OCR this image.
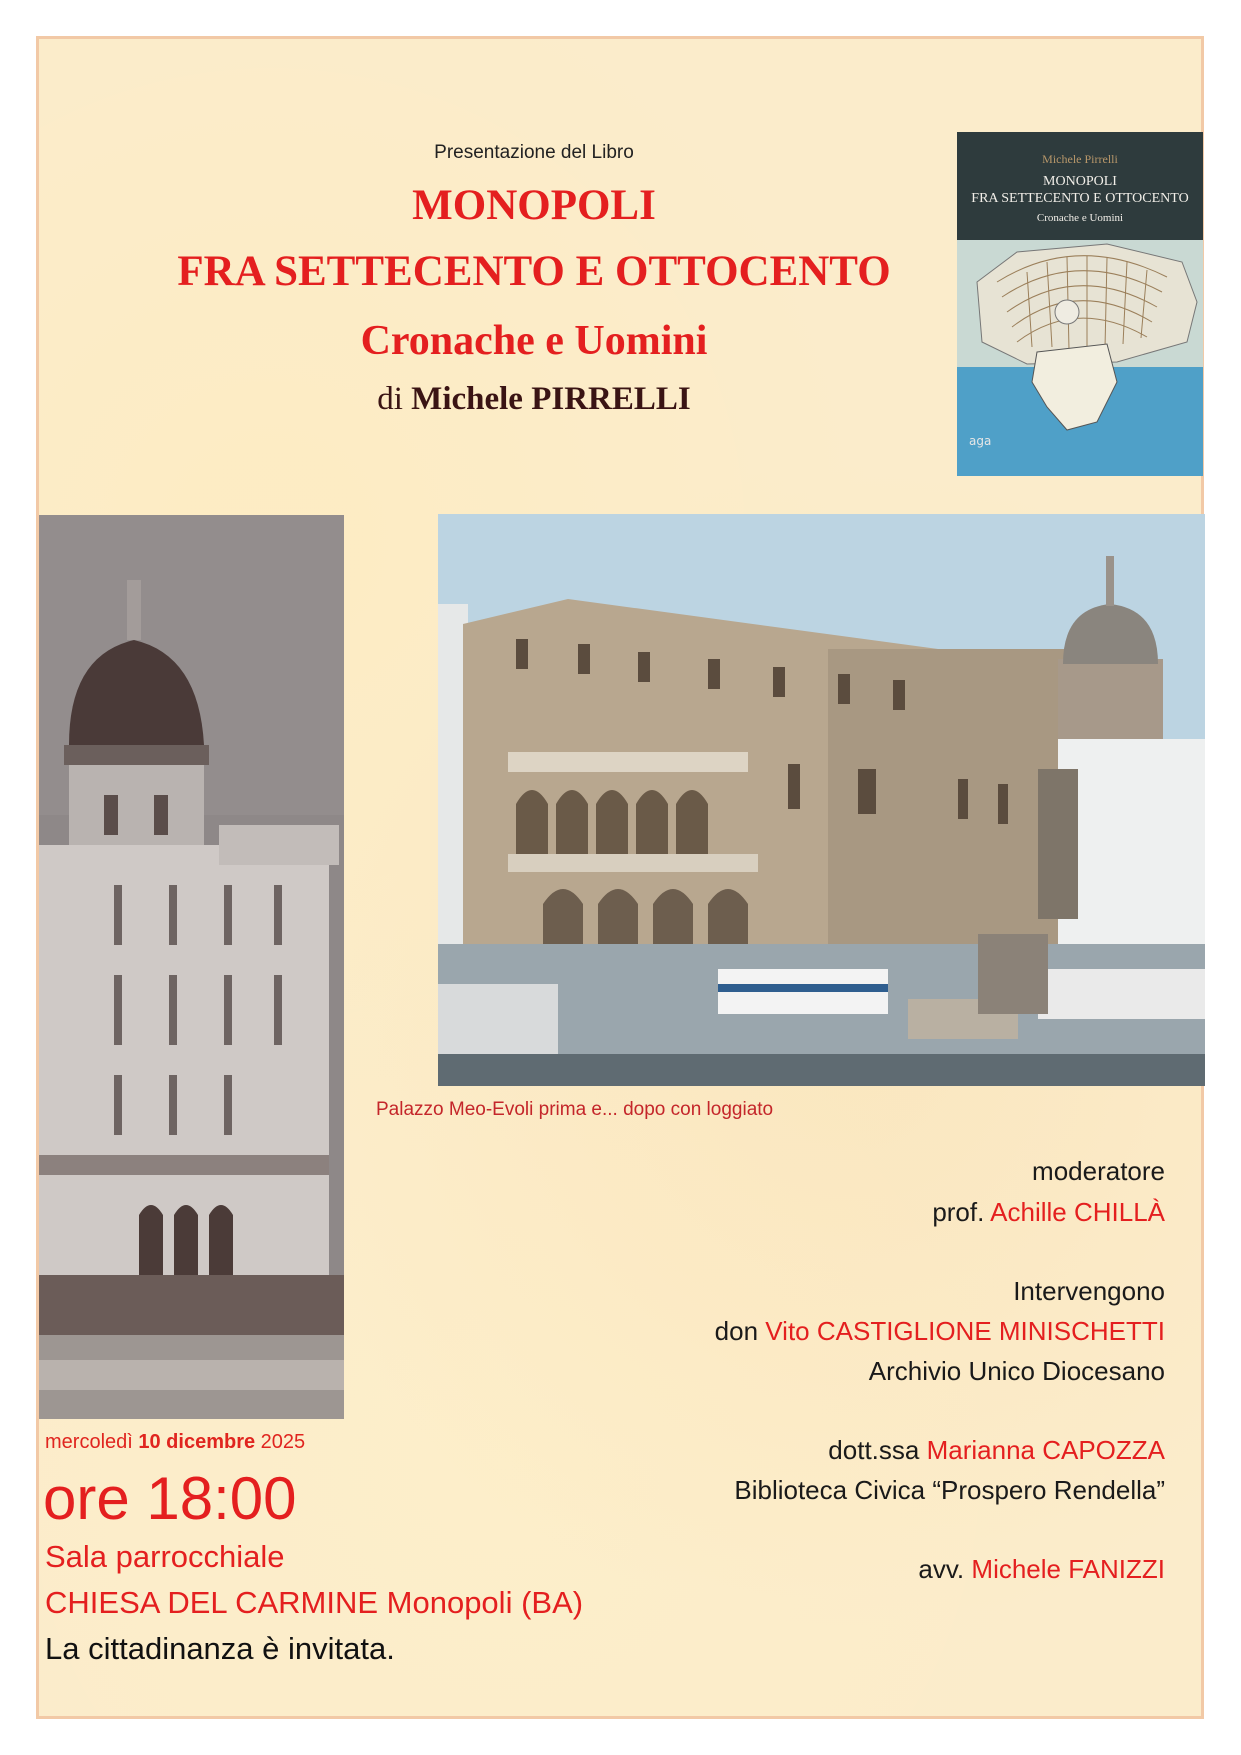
Presentazione del Libro
MONOPOLI
FRA SETTECENTO E OTTOCENTO
Cronache e Uomini
di Michele PIRRELLI
Michele Pirrelli
MONOPOLI
FRA SETTECENTO E OTTOCENTO
Cronache e Uomini
aga
Palazzo Meo-Evoli prima e... dopo con loggiato
moderatore
prof. Achille CHILLÀ
Intervengono
don Vito CASTIGLIONE MINISCHETTI
Archivio Unico Diocesano
dott.ssa Marianna CAPOZZA
Biblioteca Civica “Prospero Rendella”
avv. Michele FANIZZI
mercoledì 10 dicembre 2025
ore 18:00
Sala parrocchiale
CHIESA DEL CARMINE Monopoli (BA)
La cittadinanza è invitata.
